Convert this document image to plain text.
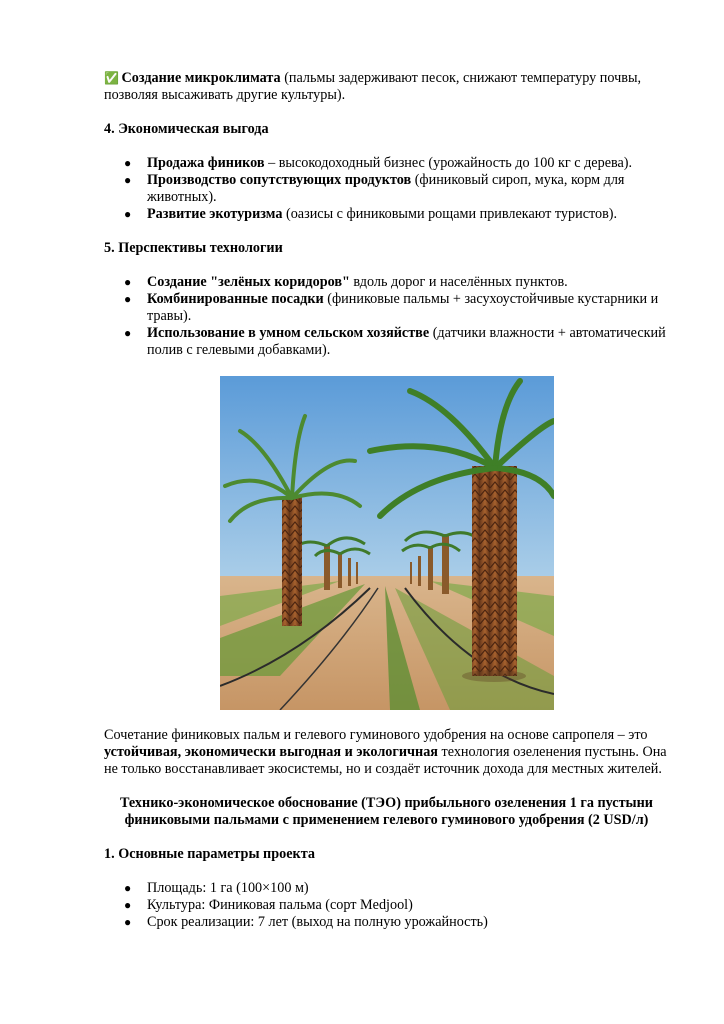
✅ Создание микроклимата (пальмы задерживают песок, снижают температуру почвы, позволяя высаживать другие культуры).

4. Экономическая выгода
● Продажа фиников – высокодоходный бизнес (урожайность до 100 кг с дерева).
● Производство сопутствующих продуктов (финиковый сироп, мука, корм для животных).
● Развитие экотуризма (оазисы с финиковыми рощами привлекают туристов).
5. Перспективы технологии
● Создание "зелёных коридоров" вдоль дорог и населённых пунктов.
● Комбинированные посадки (финиковые пальмы + засухоустойчивые кустарники и травы).
● Использование в умном сельском хозяйстве (датчики влажности + автоматический полив с гелевыми добавками).

Сочетание финиковых пальм и гелевого гуминового удобрения на основе сапропеля – это устойчивая, экономически выгодная и экологичная технология озеленения пустынь. Она не только восстанавливает экосистемы, но и создаёт источник дохода для местных жителей.

Технико-экономическое обоснование (ТЭО) прибыльного озеленения 1 га пустыни финиковыми пальмами с применением гелевого гуминового удобрения (2 USD/л)

1. Основные параметры проекта
● Площадь: 1 га (100×100 м)
● Культура: Финиковая пальма (сорт Medjool)
● Срок реализации: 7 лет (выход на полную урожайность)
